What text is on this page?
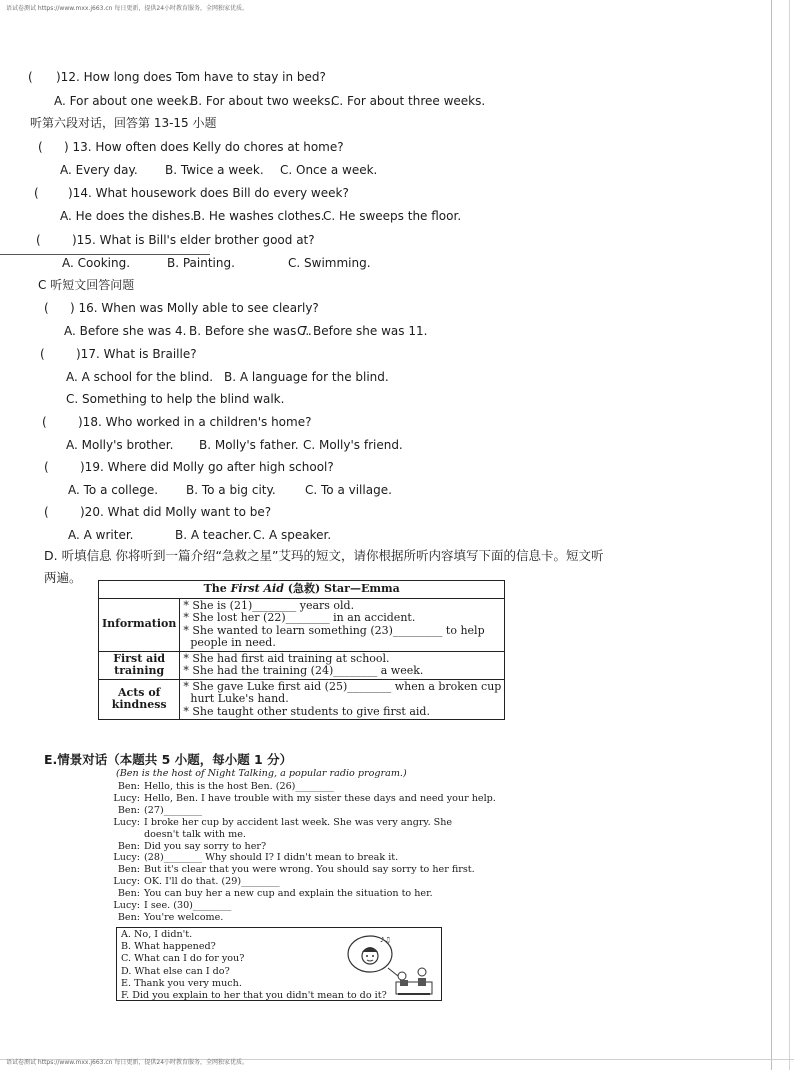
语试卷测试 https://www.mxx.j663.cn 每日更新，提供24小时教育服务，全网独家优质。
( )12. How long does Tom have to stay in bed?
A. For about one week.
B. For about two weeks.
C. For about three weeks.
听第六段对话，回答第 13-15 小题
( ) 13. How often does Kelly do chores at home?
A. Every day. B. Twice a week. C. Once a week.
( )14. What housework does Bill do every week?
A. He does the dishes.
B. He washes clothes.
C. He sweeps the floor.
(	)15. What is Bill's elder brother good at?
A. Cooking.	B. Painting.	C. Swimming.
C 听短文回答问题
( ) 16. When was Molly able to see clearly?
A. Before she was 4. B. Before she was 7.
C. Before she was 11.
(	)17. What is Braille?
A. A school for the blind. B. A language for the blind.
C. Something to help the blind walk.
(	)18. Who worked in a children's home?
A. Molly's brother. B. Molly's father. C. Molly's friend.
(	)19. Where did Molly go after high school?
A. To a college. B. To a big city. C. To a village.
(	)20. What did Molly want to be?
A. A writer.	B. A teacher. C. A speaker.
D. 听填信息 你将听到一篇介绍“急救之星”艾玛的短文，请你根据所听内容填写下面的信息卡。短文听
两遍。
The First Aid (急救) Star—Emma	
Information	* She is (21)________ years old.
* She lost her (22)________ in an accident.
* She wanted to learn something (23)_________ to help
people in need.

First aid training	* She had first aid training at school.
* She had the training (24)________ a week.

Acts of kindness	* She gave Luke first aid (25)________ when a broken cup
hurt Luke's hand.
* She taught other students to give first aid.
E.情景对话（本题共 5 小题，每小题 1 分）
(Ben is the host of Night Talking, a popular radio program.)
Ben: Hello, this is the host Ben. (26)________
Lucy: Hello, Ben. I have trouble with my sister these days and need your help.
Ben: (27)________
Lucy: I broke her cup by accident last week. She was very angry. She
doesn't talk with me.
Ben: Did you say sorry to her?
Lucy: (28)________ Why should I? I didn't mean to break it.
Ben: But it's clear that you were wrong. You should say sorry to her first.
Lucy: OK. I'll do that. (29)________
Ben: You can buy her a new cup and explain the situation to her.
Lucy: I see. (30)________
Ben: You're welcome.
A. No, I didn't.
B. What happened?
C. What can I do for you?
D. What else can I do?
E. Thank you very much.
F. Did you explain to her that you didn't mean to do it?
♪♫
语试卷测试 https://www.mxx.j663.cn 每日更新，提供24小时教育服务，全网独家优质。
